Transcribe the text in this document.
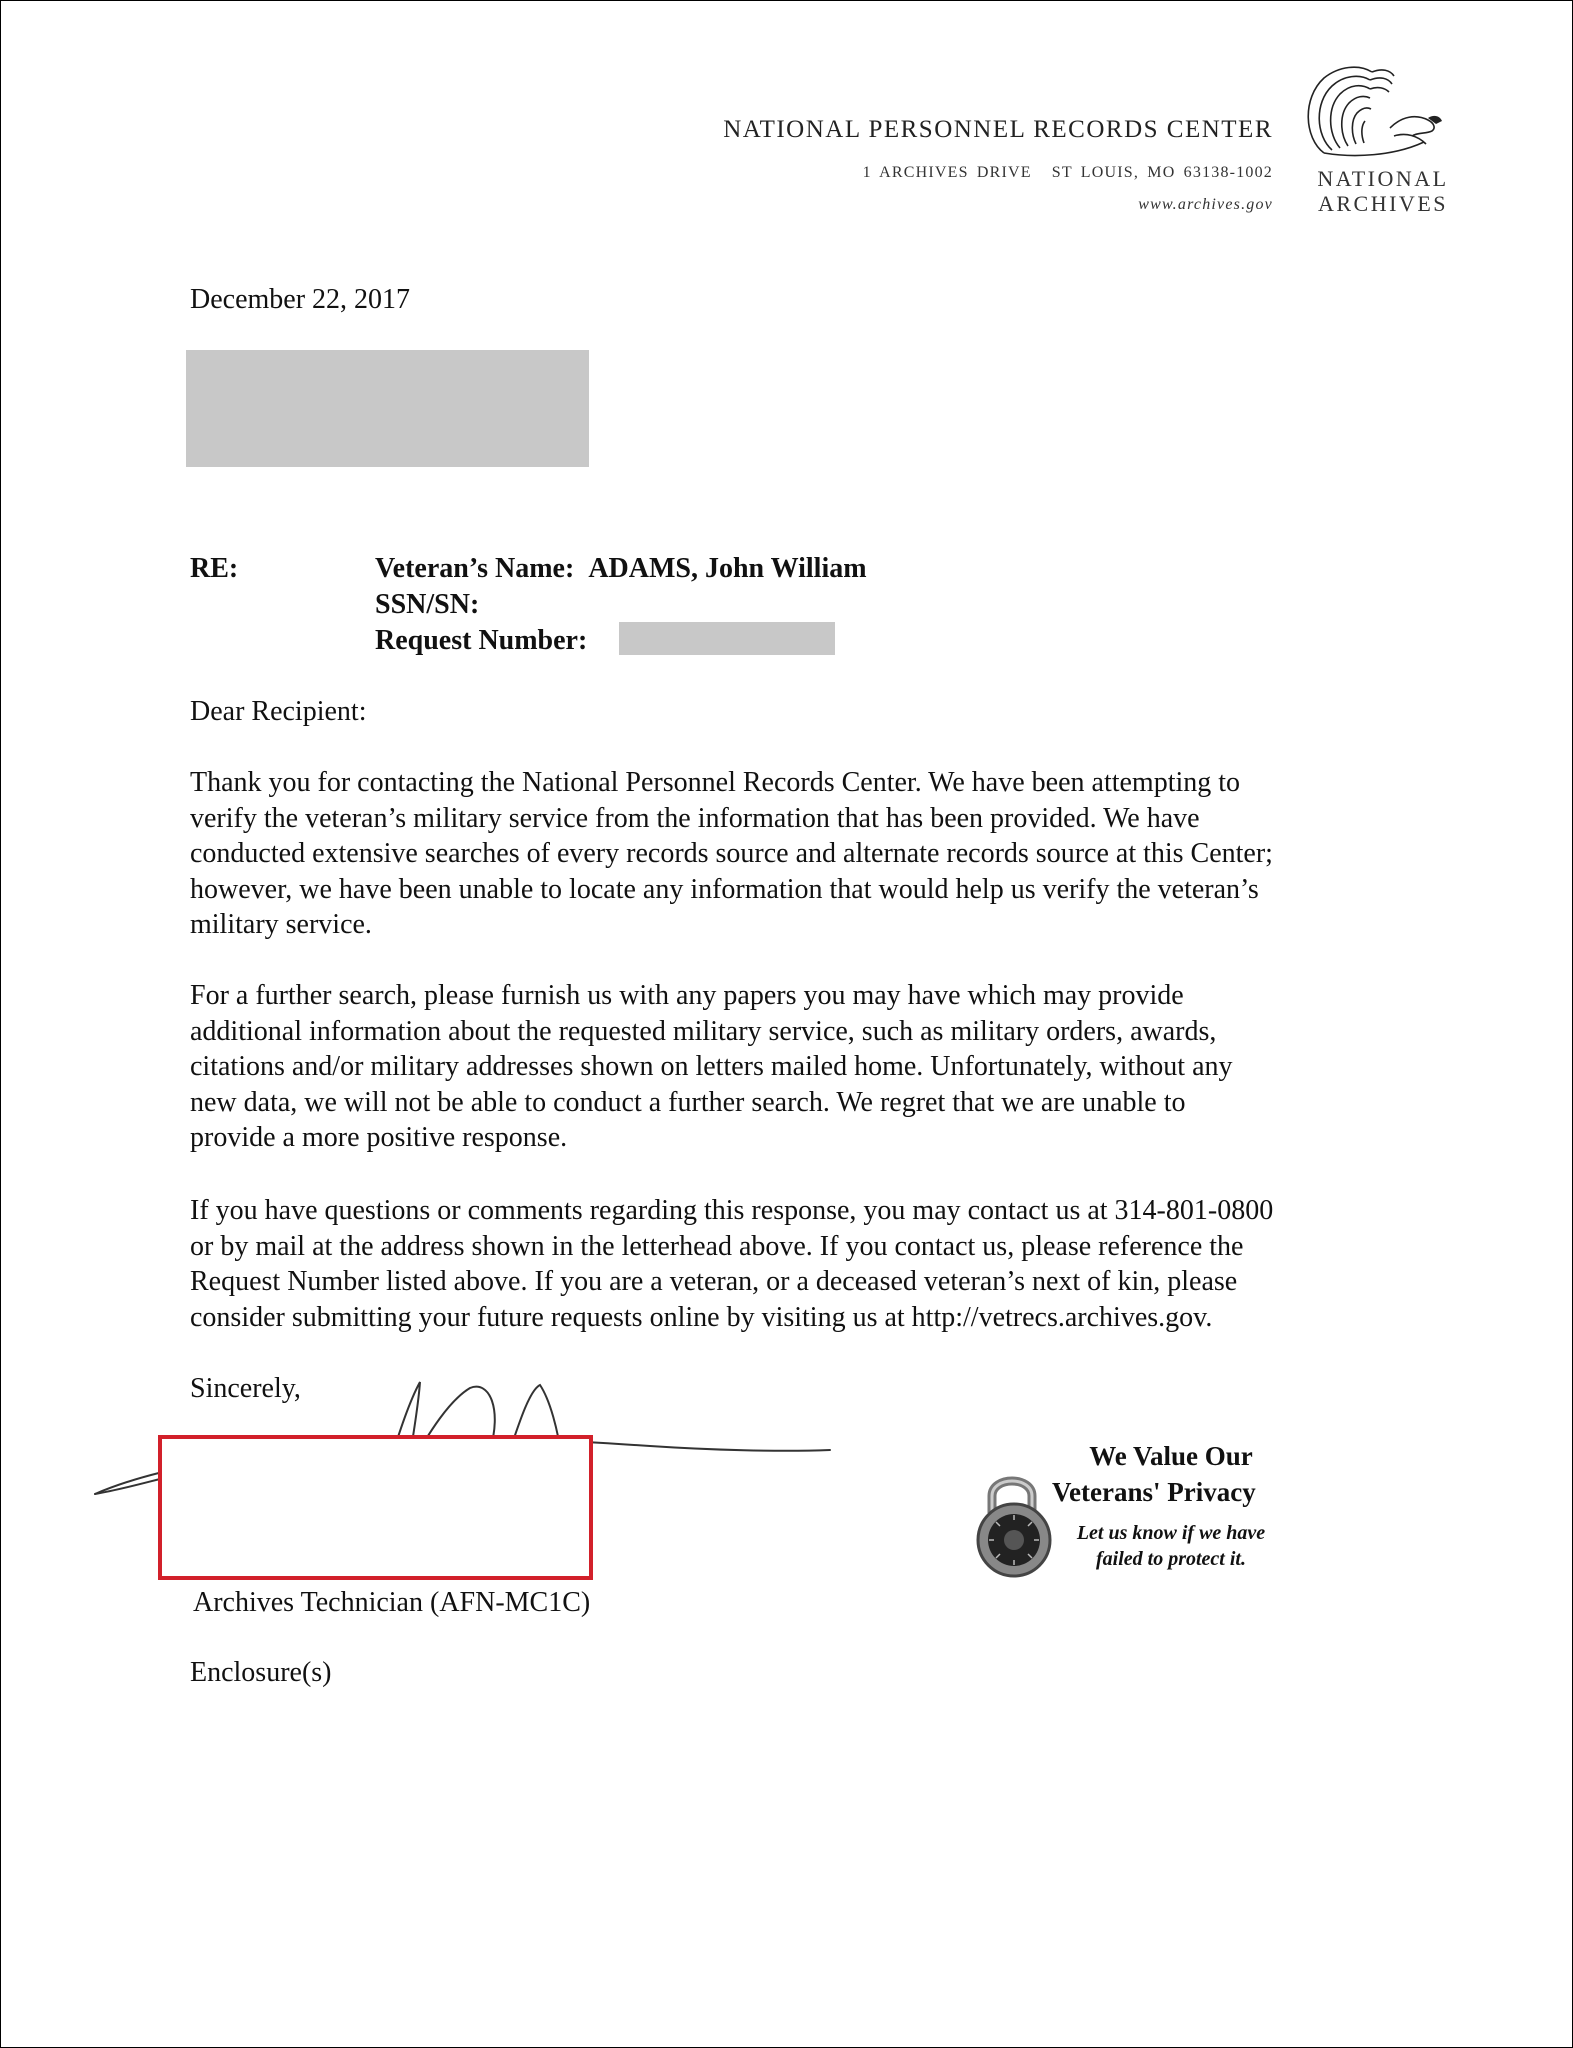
NATIONAL PERSONNEL RECORDS CENTER
1 ARCHIVES DRIVE ST LOUIS, MO 63138-1002
www.archives.gov
NATIONAL
ARCHIVES
December 22, 2017
RE:	Veteran’s Name: ADAMS, John William
SSN/SN:
Request Number:
Dear Recipient:
Thank you for contacting the National Personnel Records Center. We have been attempting to
verify the veteran’s military service from the information that has been provided. We have
conducted extensive searches of every records source and alternate records source at this Center;
however, we have been unable to locate any information that would help us verify the veteran’s
military service.
For a further search, please furnish us with any papers you may have which may provide
additional information about the requested military service, such as military orders, awards,
citations and/or military addresses shown on letters mailed home. Unfortunately, without any
new data, we will not be able to conduct a further search. We regret that we are unable to
provide a more positive response.
If you have questions or comments regarding this response, you may contact us at 314-801-0800
or by mail at the address shown in the letterhead above. If you contact us, please reference the
Request Number listed above. If you are a veteran, or a deceased veteran’s next of kin, please
consider submitting your future requests online by visiting us at http://vetrecs.archives.gov.
Sincerely,
Archives Technician (AFN-MC1C)
Enclosure(s)
We Value Our
Veterans' Privacy
Let us know if we have
failed to protect it.
